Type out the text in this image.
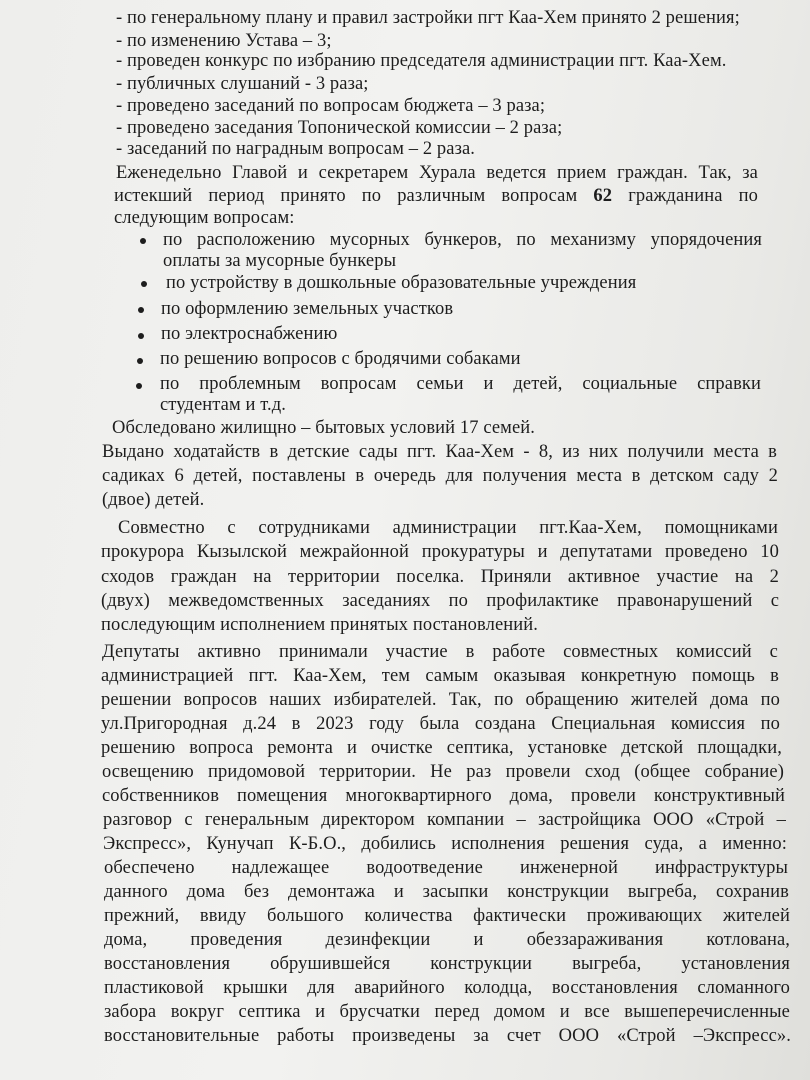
- по генеральному плану и правил застройки пгт Каа-Хем принято 2 решения;
- по изменению Устава – 3;
- проведен конкурс по избранию председателя администрации пгт. Каа-Хем.
- публичных слушаний - 3 раза;
- проведено заседаний по вопросам бюджета – 3 раза;
- проведено заседания Топонической комиссии – 2 раза;
- заседаний по наградным вопросам – 2 раза.
Еженедельно Главой и секретарем Хурала ведется прием граждан. Так, за
истекший период принято по различным вопросам 62 гражданина по
следующим вопросам:
по расположению мусорных бункеров, по механизму упорядочения
оплаты за мусорные бункеры
по устройству в дошкольные образовательные учреждения
по оформлению земельных участков
по электроснабжению
по решению вопросов с бродячими собаками
по проблемным вопросам семьи и детей, социальные справки
студентам и т.д.
Обследовано жилищно – бытовых условий 17 семей.
Выдано ходатайств в детские сады пгт. Каа-Хем - 8, из них получили места в
садиках 6 детей, поставлены в очередь для получения места в детском саду 2
(двое) детей.
Совместно с сотрудниками администрации пгт.Каа-Хем, помощниками
прокурора Кызылской межрайонной прокуратуры и депутатами проведено 10
сходов граждан на территории поселка. Приняли активное участие на 2
(двух) межведомственных заседаниях по профилактике правонарушений с
последующим исполнением принятых постановлений.
Депутаты активно принимали участие в работе совместных комиссий с
администрацией пгт. Каа-Хем, тем самым оказывая конкретную помощь в
решении вопросов наших избирателей. Так, по обращению жителей дома по
ул.Пригородная д.24 в 2023 году была создана Специальная комиссия по
решению вопроса ремонта и очистке септика, установке детской площадки,
освещению придомовой территории. Не раз провели сход (общее собрание)
собственников помещения многоквартирного дома, провели конструктивный
разговор с генеральным директором компании – застройщика ООО «Строй –
Экспресс», Кунучап К-Б.О., добились исполнения решения суда, а именно:
обеспечено надлежащее водоотведение инженерной инфраструктуры
данного дома без демонтажа и засыпки конструкции выгреба, сохранив
прежний, ввиду большого количества фактически проживающих жителей
дома, проведения дезинфекции и обеззараживания котлована,
восстановления обрушившейся конструкции выгреба, установления
пластиковой крышки для аварийного колодца, восстановления сломанного
забора вокруг септика и брусчатки перед домом и все вышеперечисленные
восстановительные работы произведены за счет ООО «Строй –Экспресс».
